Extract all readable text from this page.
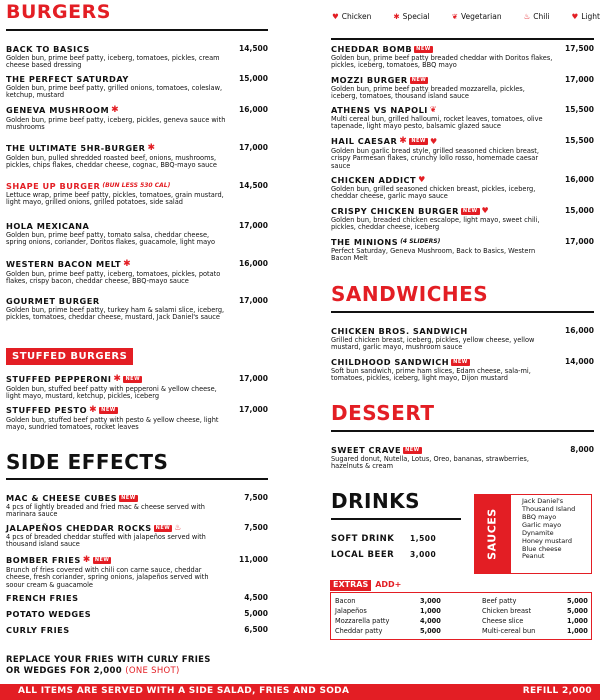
♥ Chicken	✱ Special	❦ Vegetarian	♨ Chili	♥ Light
BURGERS
BACK TO BASICS
Golden bun, prime beef patty, iceberg, tomatoes, pickles, cream cheese based dressing
14,500
THE PERFECT SATURDAY
Golden bun, prime beef patty, grilled onions, tomatoes, coleslaw, ketchup, mustard
15,000
GENEVA MUSHROOM ✱
Golden bun, prime beef patty, iceberg, pickles, geneva sauce with mushrooms
16,000
THE ULTIMATE 5HR-BURGER ✱
Golden bun, pulled shredded roasted beef, onions, mushrooms, pickles, chips flakes, cheddar cheese, cognac, BBQ-mayo sauce
17,000
SHAPE UP BURGER (BUN LESS 530 CAL)
Lettuce wrap, prime beef patty, pickles, tomatoes, grain mustard, light mayo, grilled onions, grilled potatoes, side salad
14,500
HOLA MEXICANA
Golden bun, prime beef patty, tomato salsa, cheddar cheese, spring onions, coriander, Doritos flakes, guacamole, light mayo
17,000
WESTERN BACON MELT ✱
Golden bun, prime beef patty, iceberg, tomatoes, pickles, potato flakes, crispy bacon, cheddar cheese, BBQ-mayo sauce
16,000
GOURMET BURGER
Golden bun, prime beef patty, turkey ham & salami slice, iceberg, pickles, tomatoes, cheddar cheese, mustard, Jack Daniel's sauce
17,000
STUFFED BURGERS
STUFFED PEPPERONI ✱ NEW
Golden bun, stuffed beef patty with pepperoni & yellow cheese, light mayo, mustard, ketchup, pickles, iceberg
17,000
STUFFED PESTO ✱ NEW
Golden bun, stuffed beef patty with pesto & yellow cheese, light mayo, sundried tomatoes, rocket leaves
17,000
SIDE EFFECTS
MAC & CHEESE CUBES NEW
4 pcs of lightly breaded and fried mac & cheese served with marinara sauce
7,500
JALAPEÑOS CHEDDAR ROCKS NEW ♨
4 pcs of breaded cheddar stuffed with jalapeños served with thousand island sauce
7,500
BOMBER FRIES ✱ NEW
Brunch of fries covered with chili con carne sauce, cheddar cheese, fresh coriander, spring onions, jalapeños served with soour cream & guacamole
11,000
FRENCH FRIES	4,500
POTATO WEDGES	5,000
CURLY FRIES	6,500
REPLACE YOUR FRIES WITH CURLY FRIES
OR WEDGES FOR 2,000 (ONE SHOT)
CHEDDAR BOMB NEW
Golden bun, prime beef patty breaded cheddar with Doritos flakes, pickles, iceberg, tomatoes, BBQ mayo
17,500
MOZZI BURGER NEW
Golden bun, prime beef patty breaded mozzarella, pickles, iceberg, tomatoes, thousand island sauce
17,000
ATHENS VS NAPOLI ❦
Multi cereal bun, grilled halloumi, rocket leaves, tomatoes, olive tapenade, light mayo pesto, balsamic glazed sauce
15,500
HAIL CAESAR ✱ NEW ♥
Golden bun garlic bread style, grilled seasoned chicken breast, crispy Parmesan flakes, crunchy lollo rosso, homemade caesar sauce
15,500
CHICKEN ADDICT ♥
Golden bun, grilled seasoned chicken breast, pickles, iceberg, cheddar cheese, garlic mayo sauce
16,000
CRISPY CHICKEN BURGER NEW ♥
Golden bun, breaded chicken escalope, light mayo, sweet chili, pickles, cheddar cheese, iceberg
15,000
THE MINIONS (4 SLIDERS)
Perfect Saturday, Geneva Mushroom, Back to Basics, Western Bacon Melt
17,000
SANDWICHES
CHICKEN BROS. SANDWICH
Grilled chicken breast, iceberg, pickles, yellow cheese, yellow mustard, garlic mayo, mushroom sauce
16,000
CHILDHOOD SANDWICH NEW
Soft bun sandwich, prime ham slices, Edam cheese, sala-mi, tomatoes, pickles, iceberg, light mayo, Dijon mustard
14,000
DESSERT
SWEET CRAVE NEW
Sugared donut, Nutella, Lotus, Oreo, bananas, strawberries, hazelnuts & cream
8,000
DRINKS
SOFT DRINK 1,500
LOCAL BEER 3,000	SAUCES
Jack Daniel's
Thousand Island
BBQ mayo
Garlic mayo
Dynamite
Honey mustard
Blue cheese
Peanut
EXTRAS ADD+
Bacon	3,000	Beef patty	5,000
Jalapeños	1,000	Chicken breast	5,000
Mozzarella patty	4,000	Cheese slice	1,000
Cheddar patty	5,000	Multi-cereal bun	1,000
ALL ITEMS ARE SERVED WITH A SIDE SALAD, FRIES AND SODA	REFILL 2,000
